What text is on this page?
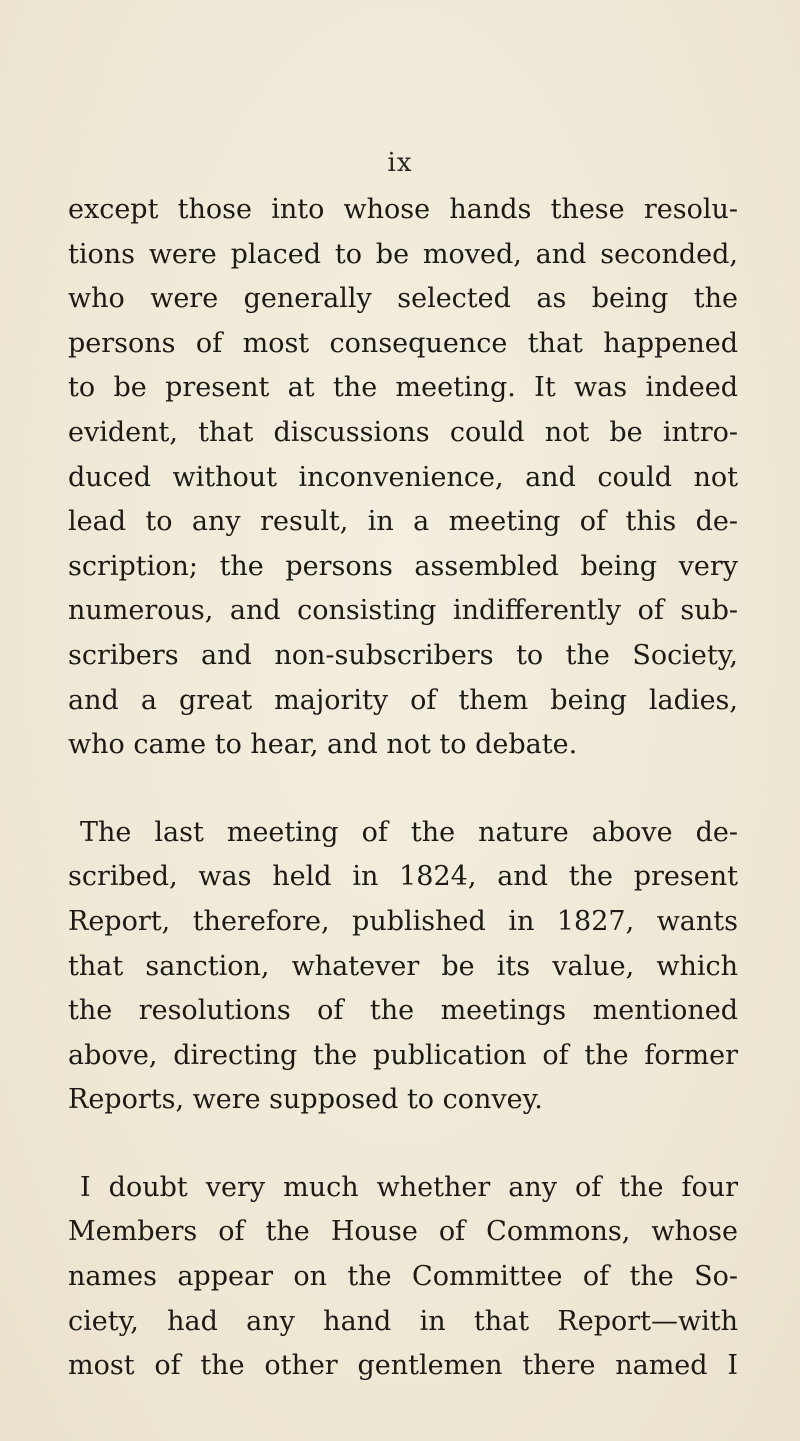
ix

except those into whose hands these resolu-
tions were placed to be moved, and seconded,
who were generally selected as being the
persons of most consequence that happened
to be present at the meeting. It was indeed
evident, that discussions could not be intro-
duced without inconvenience, and could not
lead to any result, in a meeting of this de-
scription; the persons assembled being very
numerous, and consisting indifferently of sub-
scribers and non-subscribers to the Society,
and a great majority of them being ladies,
who came to hear, and not to debate.

The last meeting of the nature above de-
scribed, was held in 1824, and the present
Report, therefore, published in 1827, wants
that sanction, whatever be its value, which
the resolutions of the meetings mentioned
above, directing the publication of the former
Reports, were supposed to convey.

I doubt very much whether any of the four
Members of the House of Commons, whose
names appear on the Committee of the So-
ciety, had any hand in that Report—with
most of the other gentlemen there named I
